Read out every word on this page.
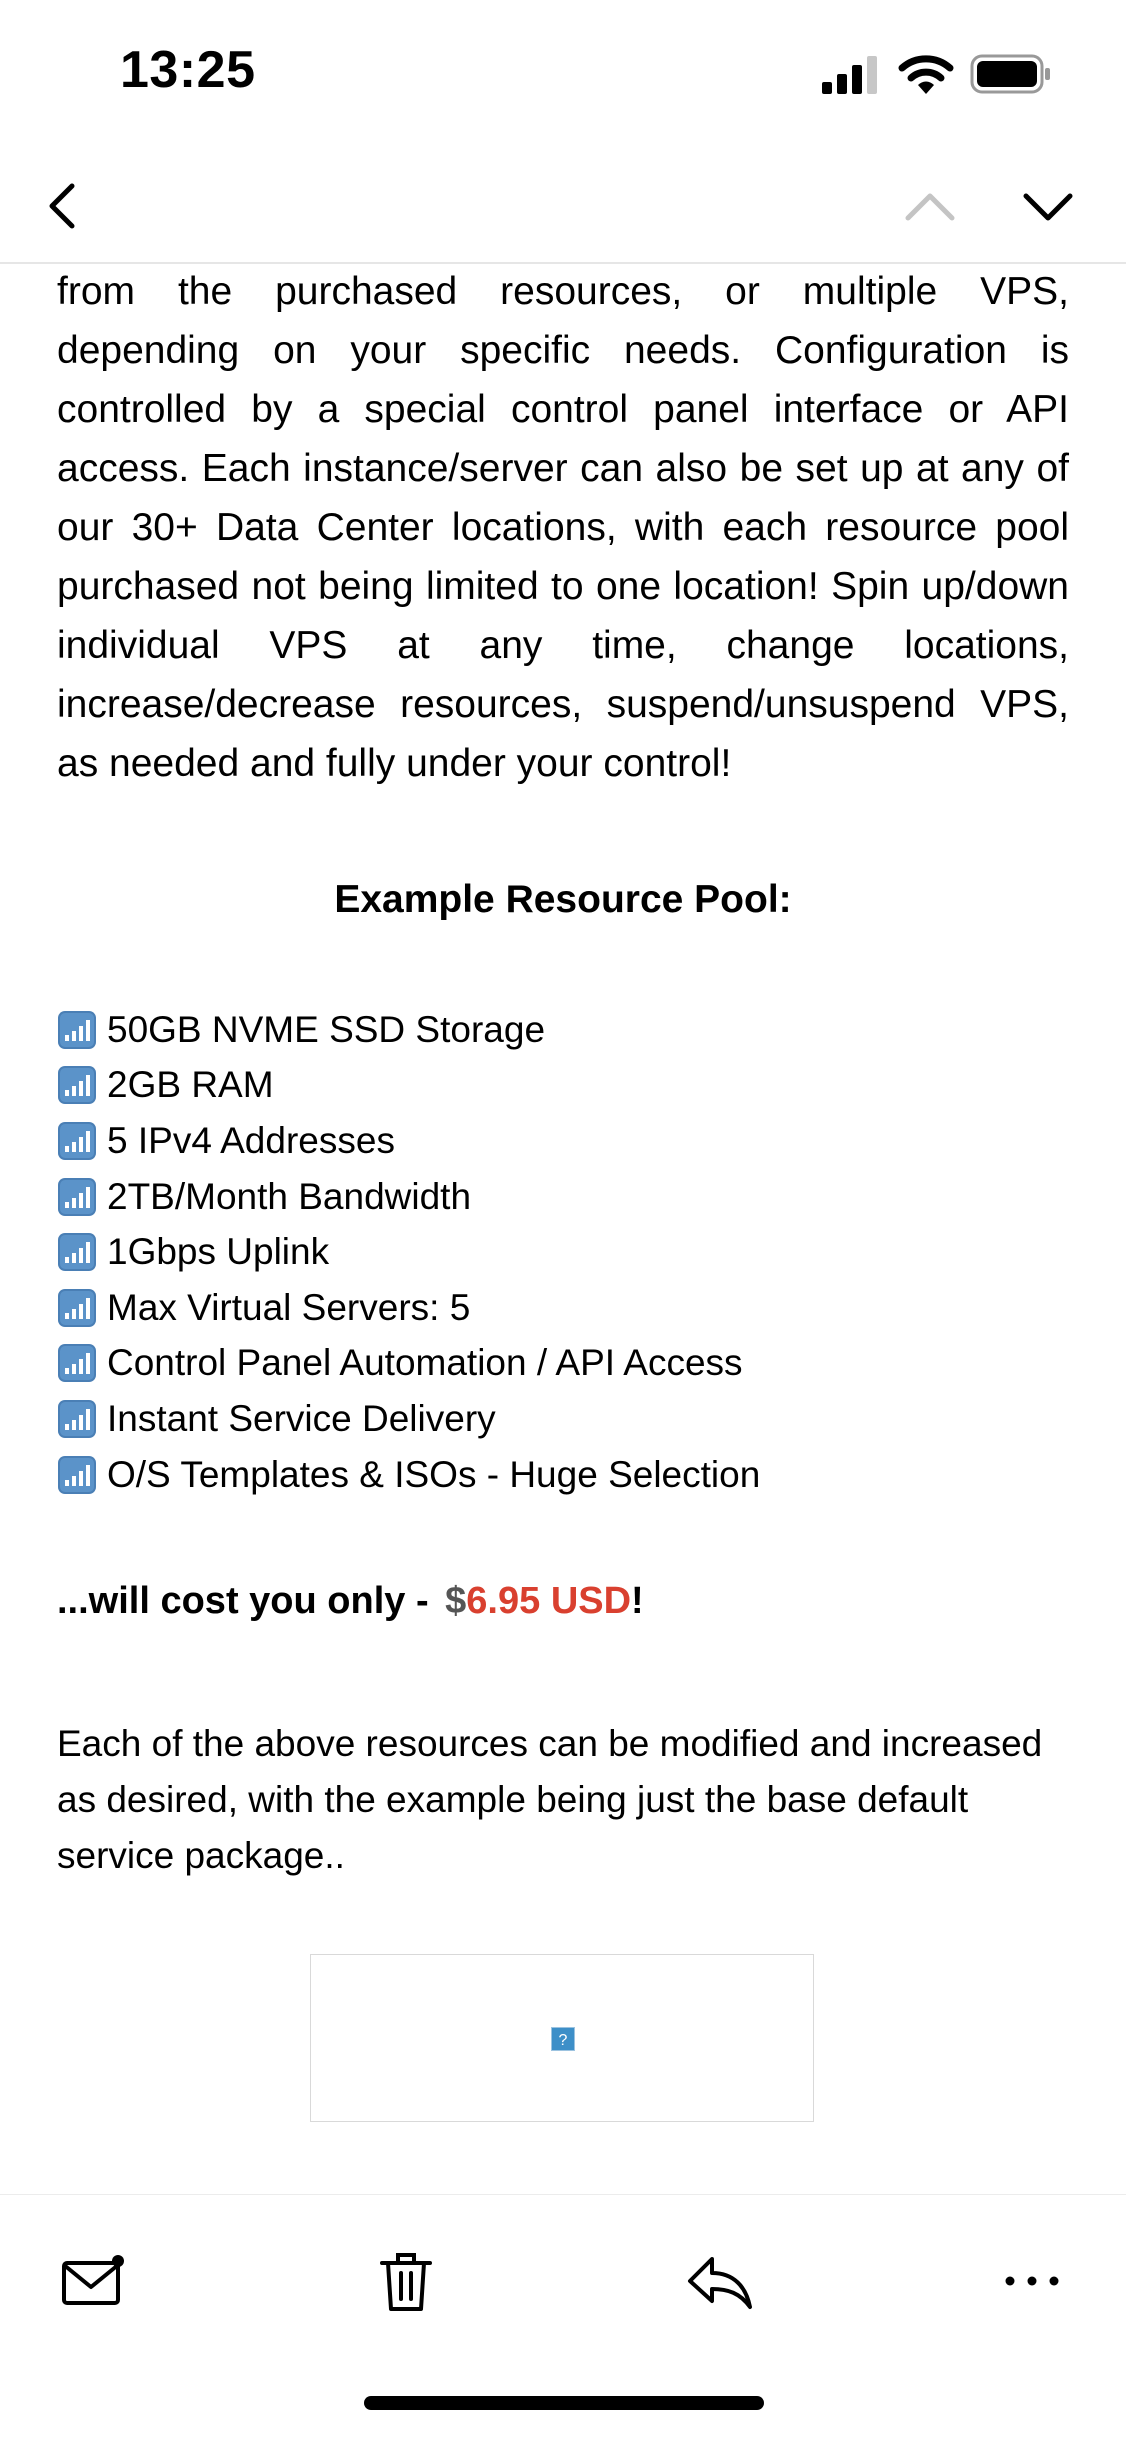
13:25

from the purchased resources, or multiple VPS, depending on your specific needs. Configuration is controlled by a special control panel interface or API access. Each instance/server can also be set up at any of our 30+ Data Center locations, with each resource pool purchased not being limited to one location! Spin up/down individual VPS at any time, change locations, increase/decrease resources, suspend/unsuspend VPS, as needed and fully under your control!

Example Resource Pool:

50GB NVME SSD Storage
2GB RAM
5 IPv4 Addresses
2TB/Month Bandwidth
1Gbps Uplink
Max Virtual Servers: 5
Control Panel Automation / API Access
Instant Service Delivery
O/S Templates & ISOs - Huge Selection
...will cost you only - $6.95 USD!

Each of the above resources can be modified and increased as desired, with the example being just the base default service package..

?
